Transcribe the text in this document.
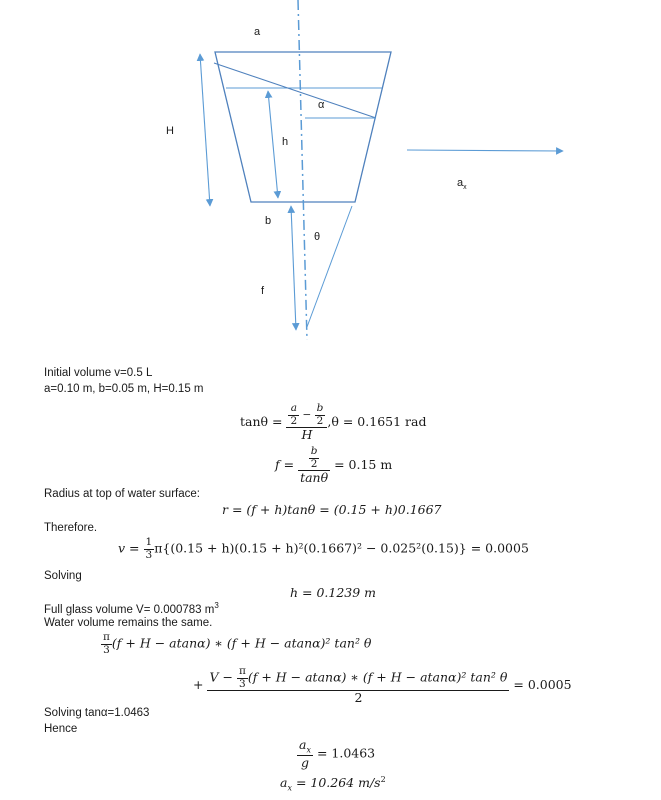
a
α
H
h
$a_x$
b
θ
f
Initial volume v=0.5 L
a=0.10 m, b=0.05 m, H=0.15 m
$\tan\theta = \frac{\frac{a}{2} - \frac{b}{2}}{H} ,\theta = 0.1651$ rad
$f = \frac{\frac{b}{2}}{\tan\theta} = 0.15$ m
Radius at top of water surface:
r = (f + h)tanθ = (0.15 + h)0.1667
Therefore.
$v = \frac{1}{3} \pi\{(0.15 + h)(0.15 + h)^2(0.1667)^2 - 0.025^2(0.15)\} = 0.0005$
Solving
h = 0.1239 m
Full glass volume V= 0.000783 $m^3$
Water volume remains the same.
$\frac{\pi}{3} (f + H - atan\alpha)$ ∗ (f + H − atanα)² tan² θ
+ $\frac{V - \frac{\pi}{3} (f + H - atan\alpha) ∗ (f + H - atan\alpha)^2 \tan^2 \theta}{2} = 0.0005$
Solving tanα=1.0463
Hence
$\frac{a_x}{g} = 1.0463$
$a_x = 10.264$ $m/s^2$
